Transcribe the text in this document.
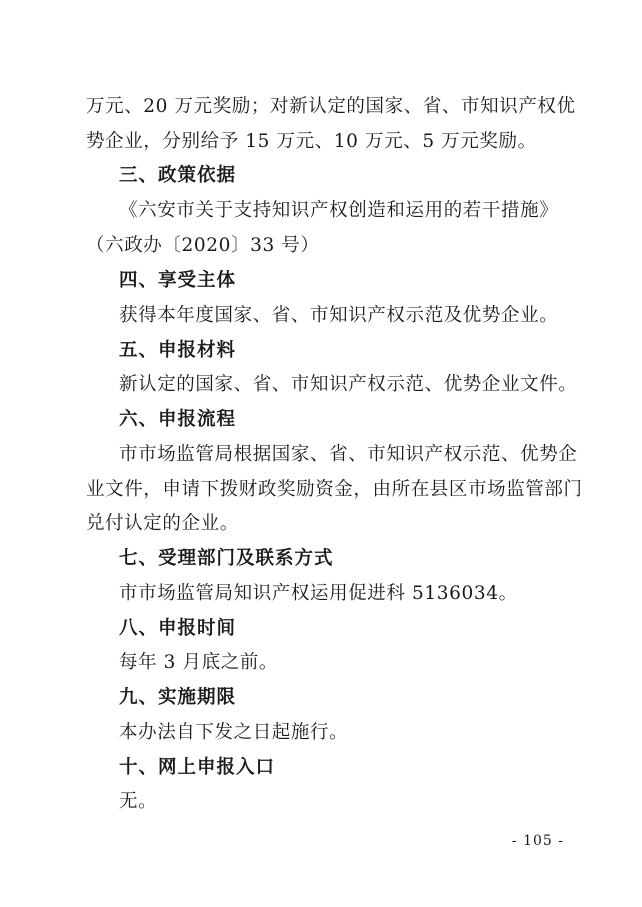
万元、20 万元奖励；对新认定的国家、省、市知识产权优
势企业，分别给予 15 万元、10 万元、5 万元奖励。
三、政策依据
《六安市关于支持知识产权创造和运用的若干措施》
（六政办〔2020〕33 号）
四、享受主体
获得本年度国家、省、市知识产权示范及优势企业。
五、申报材料
新认定的国家、省、市知识产权示范、优势企业文件。
六、申报流程
市市场监管局根据国家、省、市知识产权示范、优势企
业文件，申请下拨财政奖励资金，由所在县区市场监管部门
兑付认定的企业。
七、受理部门及联系方式
市市场监管局知识产权运用促进科 5136034。
八、申报时间
每年 3 月底之前。
九、实施期限
本办法自下发之日起施行。
十、网上申报入口
无。
- 105 -
